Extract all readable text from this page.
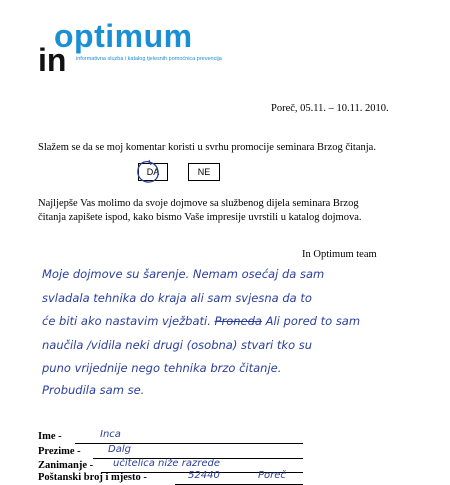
optimum
in informativna sluzba i katalog tjelesnih pomoćnica prevencija
Poreč, 05.11. – 10.11. 2010.
Slažem se da se moj komentar koristi u svrhu promocije seminara Brzog čitanja.
DA	NE
Najljepše Vas molimo da svoje dojmove sa službenog dijela seminara Brzog
čitanja zapišete ispod, kako bismo Vaše impresije uvrstili u katalog dojmova.
In Optimum team
Moje dojmove su šarenje. Nemam osećaj da sam
svladala tehnika do kraja ali sam svjesna da to
će biti ako nastavim vježbati. Proneda Ali pored to sam
naučila /vidila neki drugi (osobna) stvari tko su
puno vrijednije nego tehnika brzo čitanje.
Probudila sam se.
Ime -	Inca
Prezime -	Dalg
Zanimanje - učitelica niže razrede
Poštanski broj i mjesto -	52440	Poreč
